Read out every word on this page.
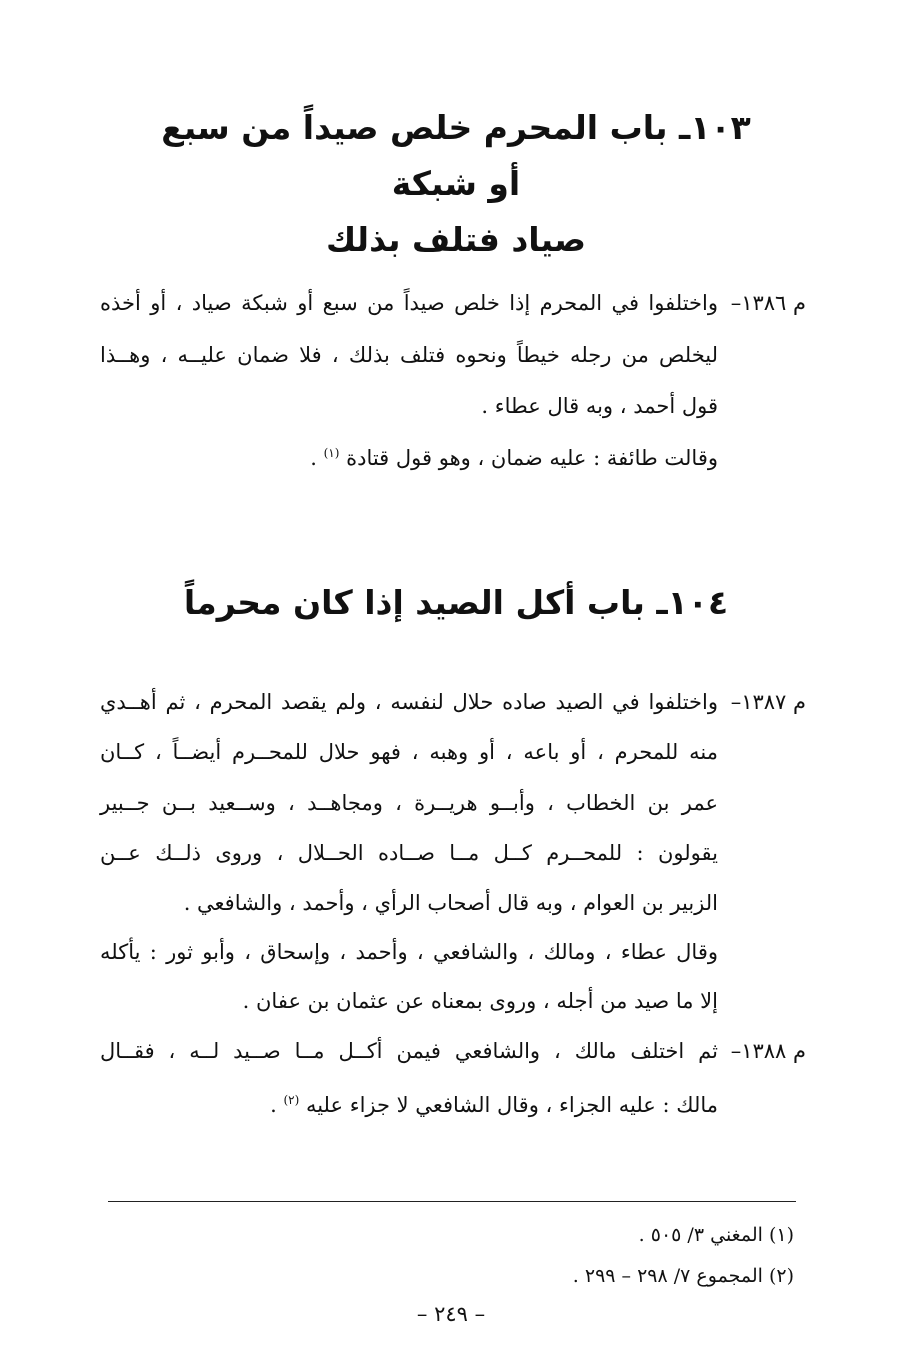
١٠٣ـ باب المحرم خلص صيداً من سبع أو شبكة
صياد فتلف بذلك
م ١٣٨٦–
واختلفوا في المحرم إذا خلص صيداً من سبع أو شبكة صياد ، أو أخذه
ليخلص من رجله خيطاً ونحوه فتلف بذلك ، فلا ضمان عليــه ، وهــذا
قول أحمد ، وبه قال عطاء .
وقالت طائفة : عليه ضمان ، وهو قول قتادة $^{(١)}$ .
١٠٤ـ باب أكل الصيد إذا كان محرماً
م ١٣٨٧–
واختلفوا في الصيد صاده حلال لنفسه ، ولم يقصد المحرم ، ثم أهــدي
منه للمحرم ، أو باعه ، أو وهبه ، فهو حلال للمحــرم أيضــاً ، كــان
عمر بن الخطاب ، وأبــو هريــرة ، ومجاهــد ، وســعيد بــن جــبير
يقولون : للمحــرم كــل مــا صــاده الحــلال ، وروى ذلــك عــن
الزبير بن العوام ، وبه قال أصحاب الرأي ، وأحمد ، والشافعي .
وقال عطاء ، ومالك ، والشافعي ، وأحمد ، وإسحاق ، وأبو ثور : يأكله
إلا ما صيد من أجله ، وروى بمعناه عن عثمان بن عفان .
م ١٣٨٨–
ثم اختلف مالك ، والشافعي فيمن أكــل مــا صــيد لــه ، فقــال
مالك : عليه الجزاء ، وقال الشافعي لا جزاء عليه $^{(٢)}$ .
(١) المغني ٣/ ٥٠٥ .
(٢) المجموع ٧/ ٢٩٨ – ٢٩٩ .
– ٢٤٩ –
